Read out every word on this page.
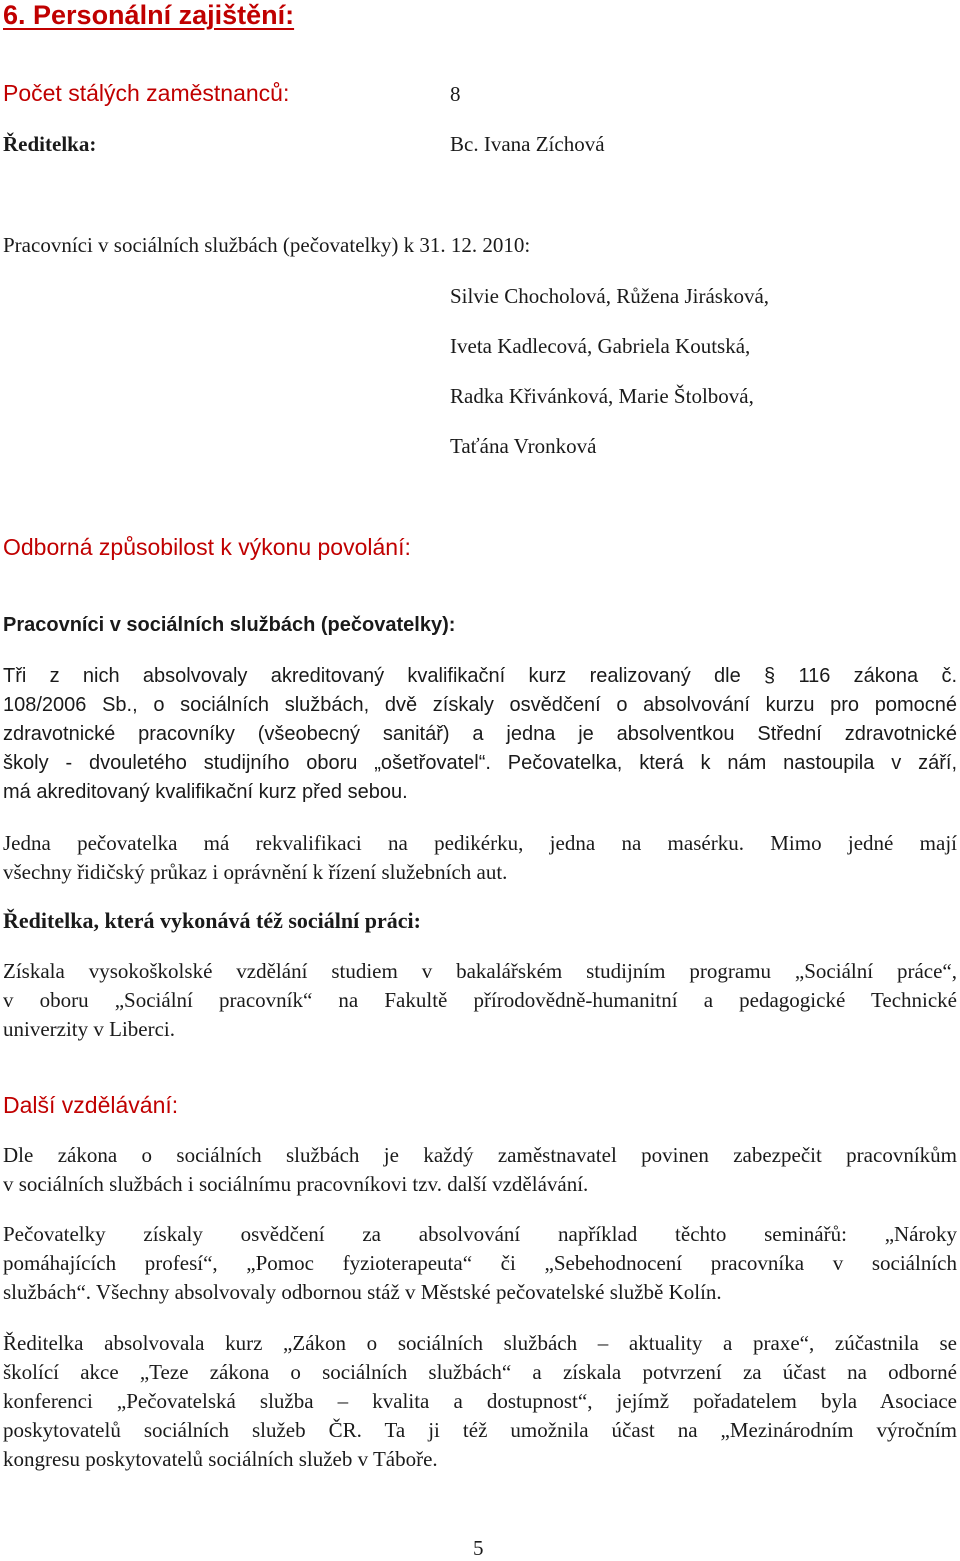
6. Personální zajištění:
Počet stálých zaměstnanců:	8
Ředitelka:	Bc. Ivana Zíchová
Pracovníci v sociálních službách (pečovatelky) k 31. 12. 2010:
Silvie Chocholová, Růžena Jirásková,
Iveta Kadlecová, Gabriela Koutská,
Radka Křivánková, Marie Štolbová,
Taťána Vronková
Odborná způsobilost k výkonu povolání:
Pracovníci v sociálních službách (pečovatelky):
Tři z nich absolvovaly akreditovaný kvalifikační kurz realizovaný dle § 116 zákona č.
108/2006 Sb., o sociálních službách, dvě získaly osvědčení o absolvování kurzu pro pomocné
zdravotnické pracovníky (všeobecný sanitář) a jedna je absolventkou Střední zdravotnické
školy - dvouletého studijního oboru „ošetřovatel“. Pečovatelka, která k nám nastoupila v září,
má akreditovaný kvalifikační kurz před sebou.
Jedna pečovatelka má rekvalifikaci na pedikérku, jedna na masérku. Mimo jedné mají
všechny řidičský průkaz i oprávnění k řízení služebních aut.
Ředitelka, která vykonává též sociální práci:
Získala vysokoškolské vzdělání studiem v bakalářském studijním programu „Sociální práce“,
v oboru „Sociální pracovník“ na Fakultě přírodovědně-humanitní a pedagogické Technické
univerzity v Liberci.
Další vzdělávání:
Dle zákona o sociálních službách je každý zaměstnavatel povinen zabezpečit pracovníkům
v sociálních službách i sociálnímu pracovníkovi tzv. další vzdělávání.
Pečovatelky získaly osvědčení za absolvování například těchto seminářů: „Nároky
pomáhajících profesí“, „Pomoc fyzioterapeuta“ či „Sebehodnocení pracovníka v sociálních
službách“. Všechny absolvovaly odbornou stáž v Městské pečovatelské službě Kolín.
Ředitelka absolvovala kurz „Zákon o sociálních službách – aktuality a praxe“, zúčastnila se
školící akce „Teze zákona o sociálních službách“ a získala potvrzení za účast na odborné
konferenci „Pečovatelská služba – kvalita a dostupnost“, jejímž pořadatelem byla Asociace
poskytovatelů sociálních služeb ČR. Ta ji též umožnila účast na „Mezinárodním výročním
kongresu poskytovatelů sociálních služeb v Táboře.
5
